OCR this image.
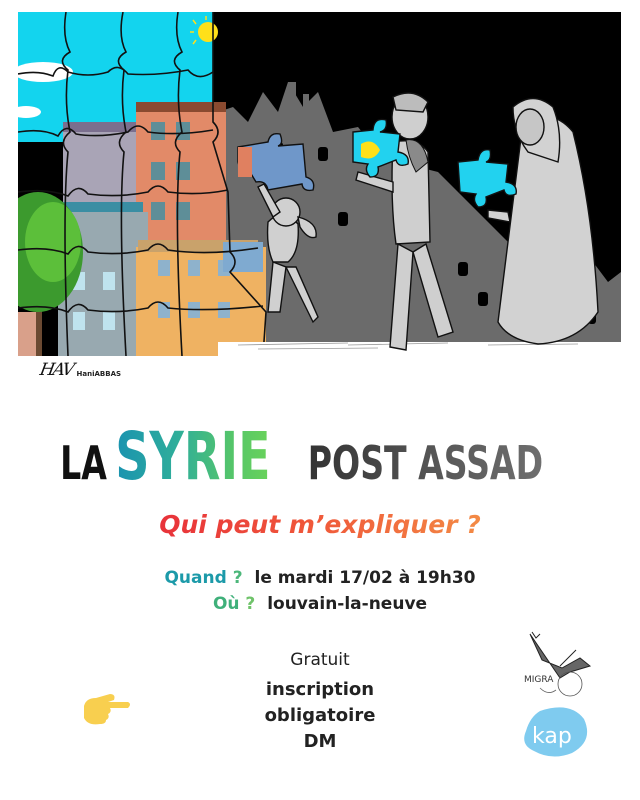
HAV HaniABBAS
LA SYRIE POST ASSAD
Qui peut m’expliquer ?
Quand ? le mardi 17/02 à 19h30
Où ? louvain-la-neuve
Gratuit
inscription
obligatoire
DM
MIGRA
kap
